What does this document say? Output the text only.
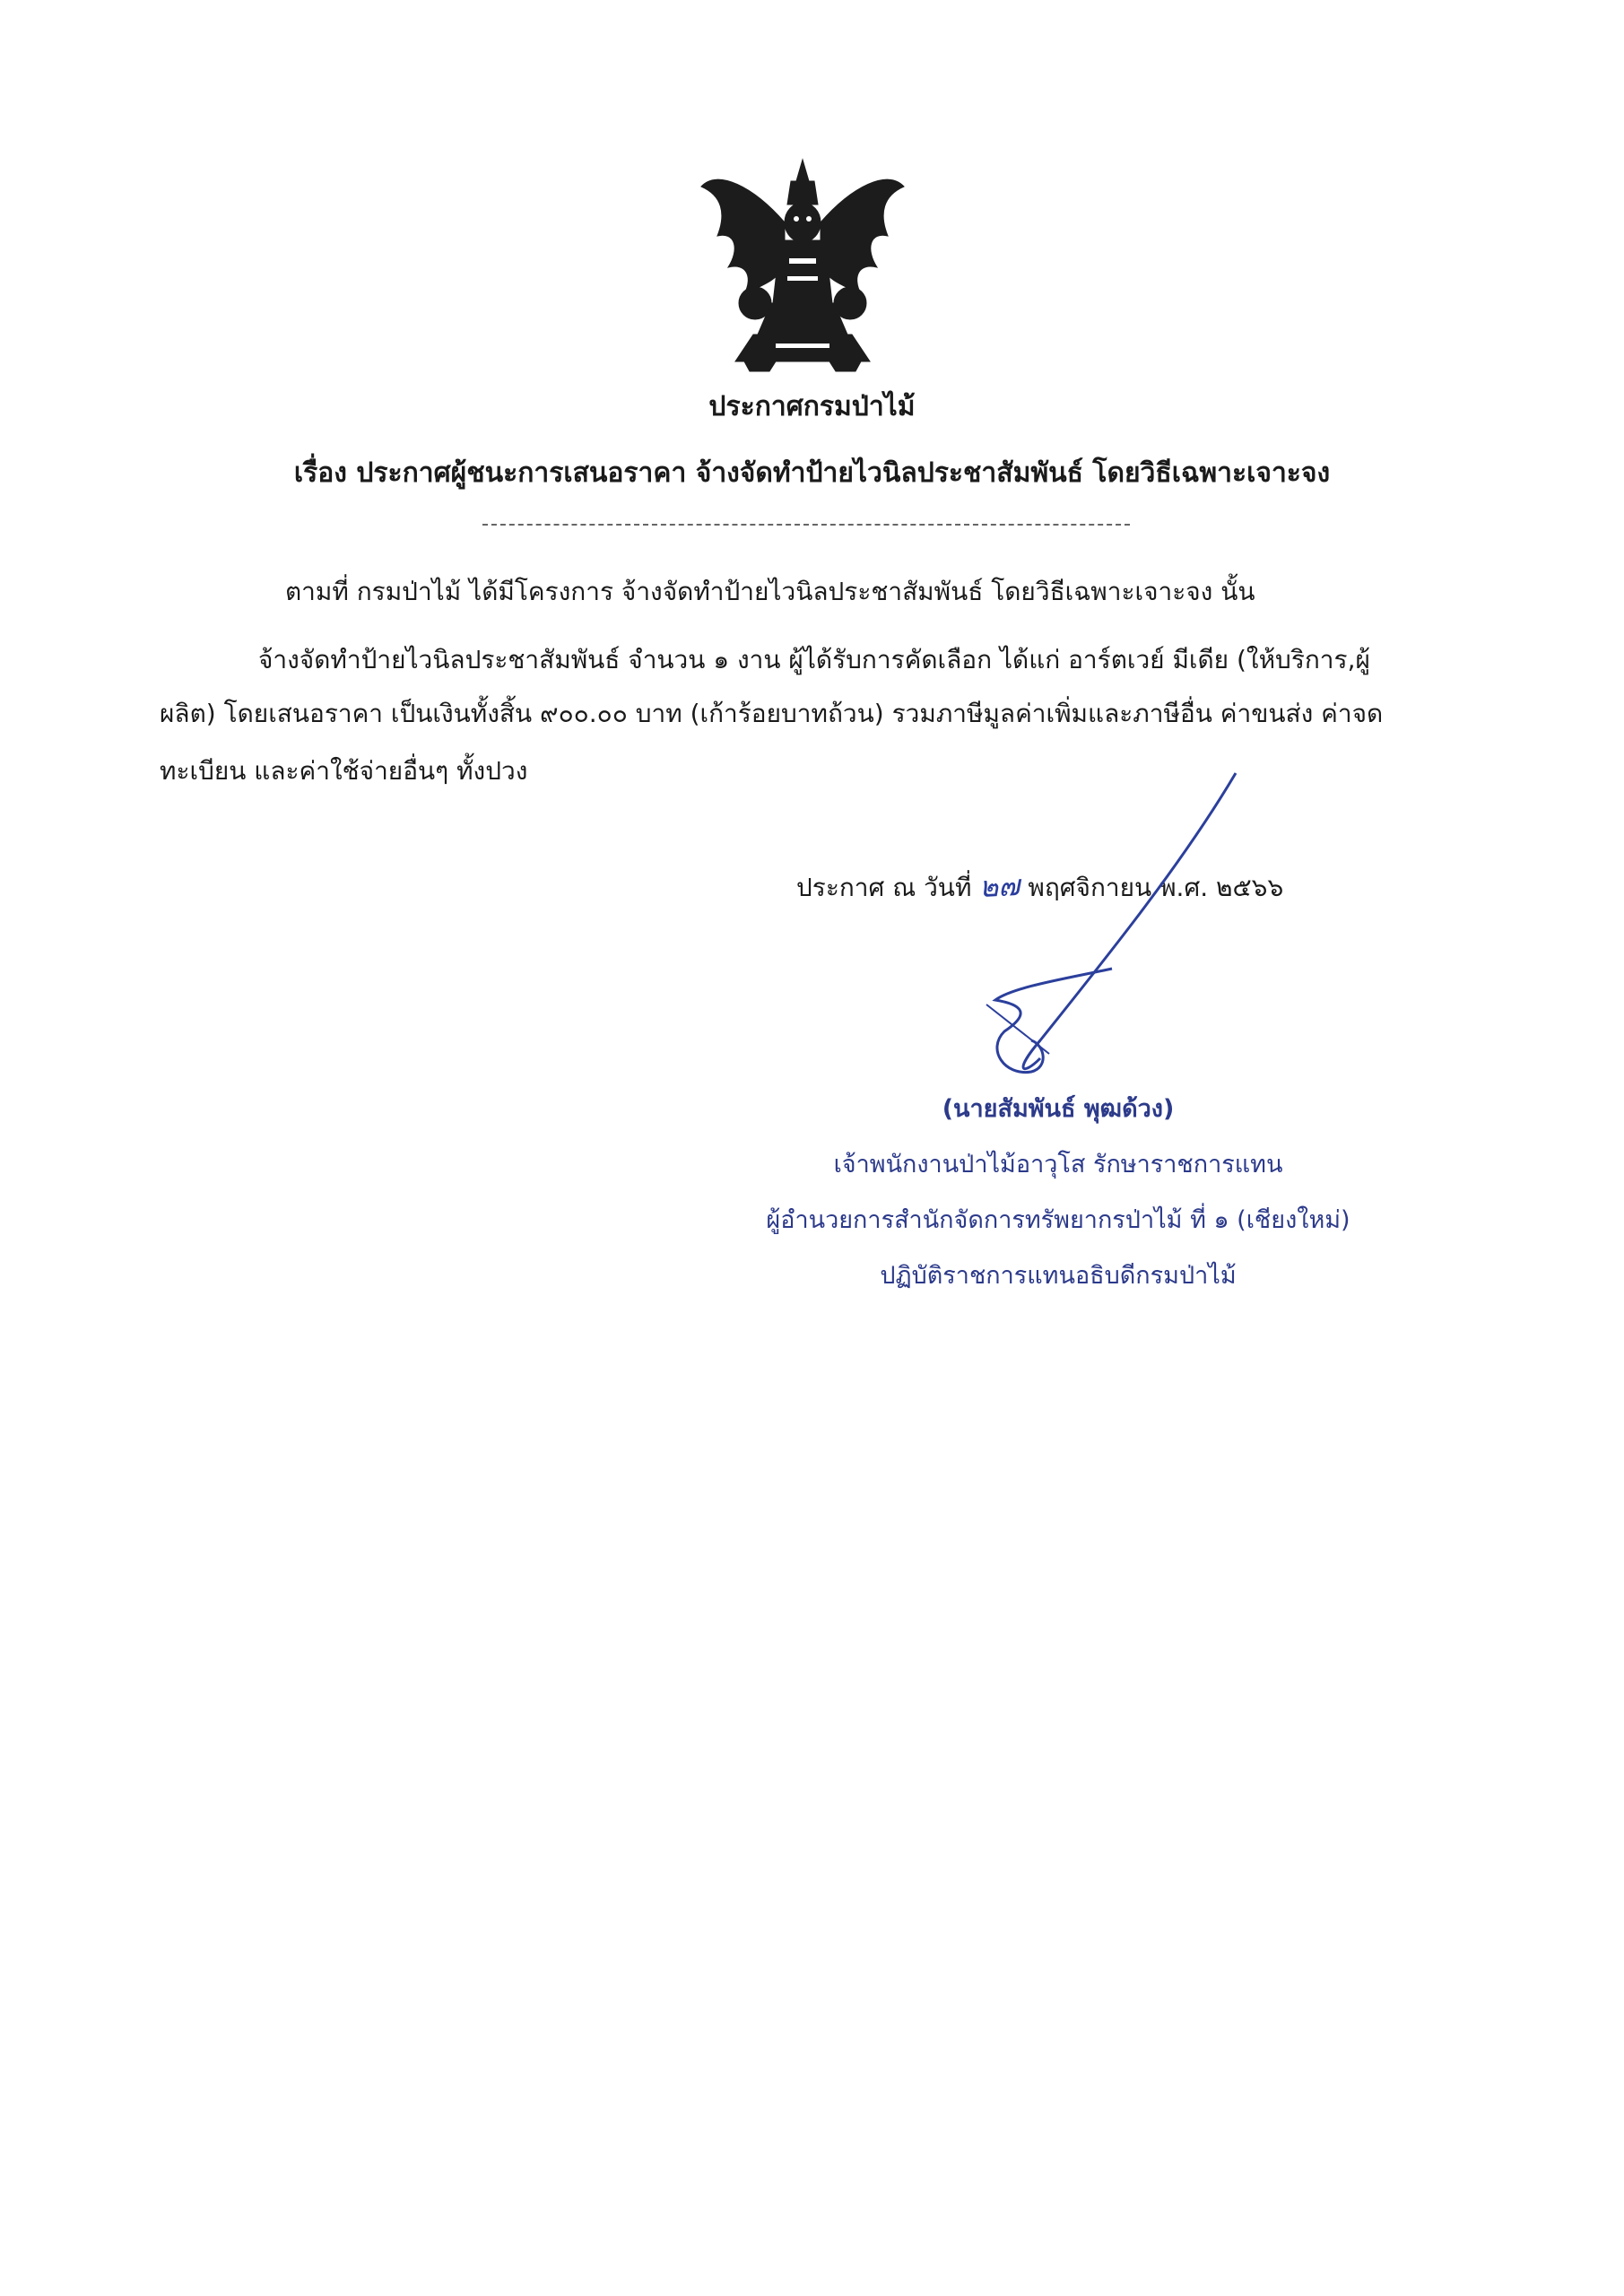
ประกาศกรมป่าไม้
เรื่อง ประกาศผู้ชนะการเสนอราคา จ้างจัดทำป้ายไวนิลประชาสัมพันธ์ โดยวิธีเฉพาะเจาะจง
ตามที่ กรมป่าไม้ ได้มีโครงการ จ้างจัดทำป้ายไวนิลประชาสัมพันธ์ โดยวิธีเฉพาะเจาะจง นั้น
จ้างจัดทำป้ายไวนิลประชาสัมพันธ์ จำนวน ๑ งาน ผู้ได้รับการคัดเลือก ได้แก่ อาร์ตเวย์ มีเดีย (ให้บริการ,ผู้
ผลิต) โดยเสนอราคา เป็นเงินทั้งสิ้น ๙๐๐.๐๐ บาท (เก้าร้อยบาทถ้วน) รวมภาษีมูลค่าเพิ่มและภาษีอื่น ค่าขนส่ง ค่าจด
ทะเบียน และค่าใช้จ่ายอื่นๆ ทั้งปวง
ประกาศ ณ วันที่ ๒๗ พฤศจิกายน พ.ศ. ๒๕๖๖
(นายสัมพันธ์ พุฒด้วง)
เจ้าพนักงานป่าไม้อาวุโส รักษาราชการแทน
ผู้อำนวยการสำนักจัดการทรัพยากรป่าไม้ ที่ ๑ (เชียงใหม่)
ปฏิบัติราชการแทนอธิบดีกรมป่าไม้
